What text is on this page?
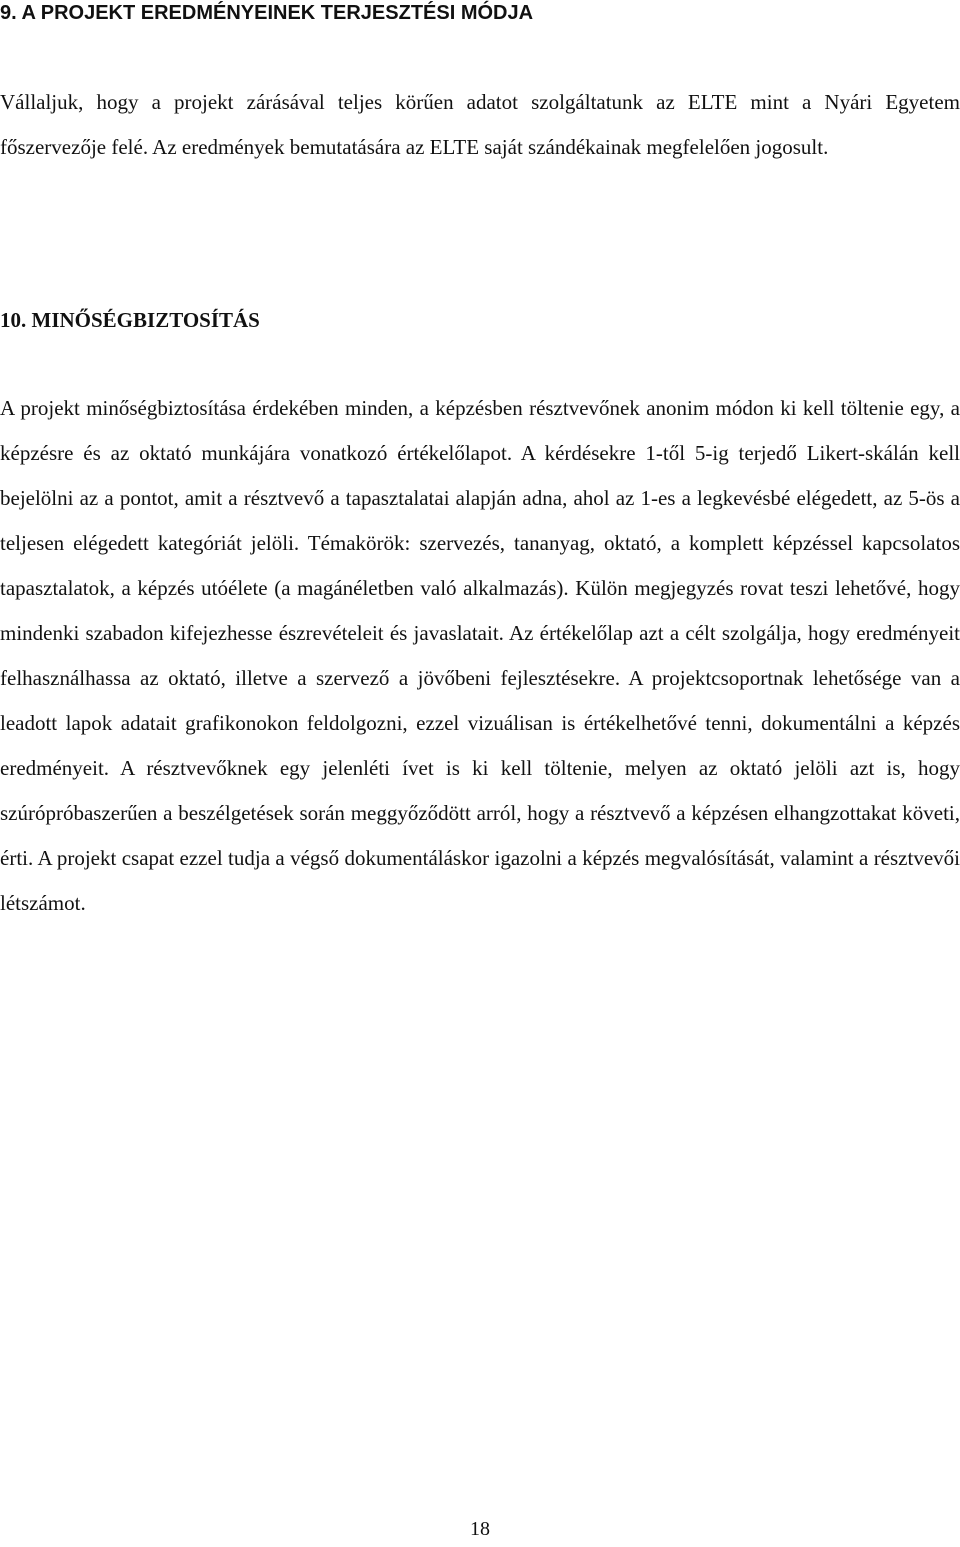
9. A PROJEKT EREDMÉNYEINEK TERJESZTÉSI MÓDJA

Vállaljuk, hogy a projekt zárásával teljes körűen adatot szolgáltatunk az ELTE mint a Nyári Egyetem főszervezője felé. Az eredmények bemutatására az ELTE saját szándékainak megfelelően jogosult.

10. MINŐSÉGBIZTOSÍTÁS

A projekt minőségbiztosítása érdekében minden, a képzésben résztvevőnek anonim módon ki kell töltenie egy, a képzésre és az oktató munkájára vonatkozó értékelőlapot. A kérdésekre 1-től 5-ig terjedő Likert-skálán kell bejelölni az a pontot, amit a résztvevő a tapasztalatai alapján adna, ahol az 1-es a legkevésbé elégedett, az 5-ös a teljesen elégedett kategóriát jelöli. Témakörök: szervezés, tananyag, oktató, a komplett képzéssel kapcsolatos tapasztalatok, a képzés utóélete (a magánéletben való alkalmazás). Külön megjegyzés rovat teszi lehetővé, hogy mindenki szabadon kifejezhesse észrevételeit és javaslatait. Az értékelőlap azt a célt szolgálja, hogy eredményeit felhasználhassa az oktató, illetve a szervező a jövőbeni fejlesztésekre. A projektcsoportnak lehetősége van a leadott lapok adatait grafikonokon feldolgozni, ezzel vizuálisan is értékelhetővé tenni, dokumentálni a képzés eredményeit. A résztvevőknek egy jelenléti ívet is ki kell töltenie, melyen az oktató jelöli azt is, hogy szúrópróbaszerűen a beszélgetések során meggyőződött arról, hogy a résztvevő a képzésen elhangzottakat követi, érti. A projekt csapat ezzel tudja a végső dokumentáláskor igazolni a képzés megvalósítását, valamint a résztvevői létszámot.

18
